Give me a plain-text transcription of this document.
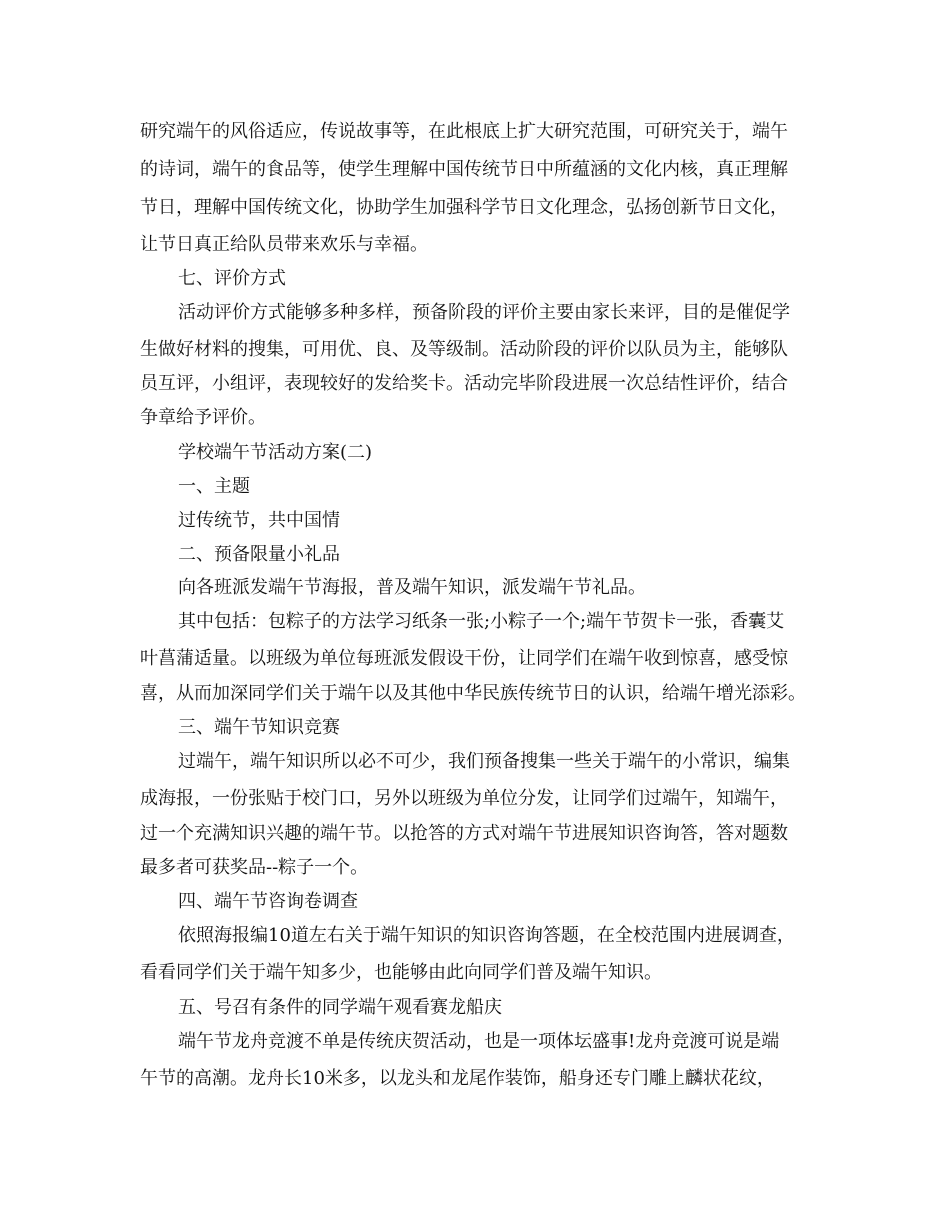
研究端午的风俗适应，传说故事等，在此根底上扩大研究范围，可研究关于，端午

的诗词，端午的食品等，使学生理解中国传统节日中所蕴涵的文化内核，真正理解

节日，理解中国传统文化，协助学生加强科学节日文化理念，弘扬创新节日文化，

让节日真正给队员带来欢乐与幸福。

七、评价方式

活动评价方式能够多种多样，预备阶段的评价主要由家长来评，目的是催促学

生做好材料的搜集，可用优、良、及等级制。活动阶段的评价以队员为主，能够队

员互评，小组评，表现较好的发给奖卡。活动完毕阶段进展一次总结性评价，结合

争章给予评价。

学校端午节活动方案(二)

一、主题

过传统节，共中国情

二、预备限量小礼品

向各班派发端午节海报，普及端午知识，派发端午节礼品。

其中包括：包粽子的方法学习纸条一张;小粽子一个;端午节贺卡一张，香囊艾

叶菖蒲适量。以班级为单位每班派发假设干份，让同学们在端午收到惊喜，感受惊

喜，从而加深同学们关于端午以及其他中华民族传统节日的认识，给端午增光添彩。

三、端午节知识竞赛

过端午，端午知识所以必不可少，我们预备搜集一些关于端午的小常识，编集

成海报，一份张贴于校门口，另外以班级为单位分发，让同学们过端午，知端午，

过一个充满知识兴趣的端午节。以抢答的方式对端午节进展知识咨询答，答对题数

最多者可获奖品--粽子一个。

四、端午节咨询卷调查

依照海报编10道左右关于端午知识的知识咨询答题，在全校范围内进展调查，

看看同学们关于端午知多少，也能够由此向同学们普及端午知识。

五、号召有条件的同学端午观看赛龙船庆

端午节龙舟竞渡不单是传统庆贺活动，也是一项体坛盛事!龙舟竞渡可说是端

午节的高潮。龙舟长10米多，以龙头和龙尾作装饰，船身还专门雕上麟状花纹，
